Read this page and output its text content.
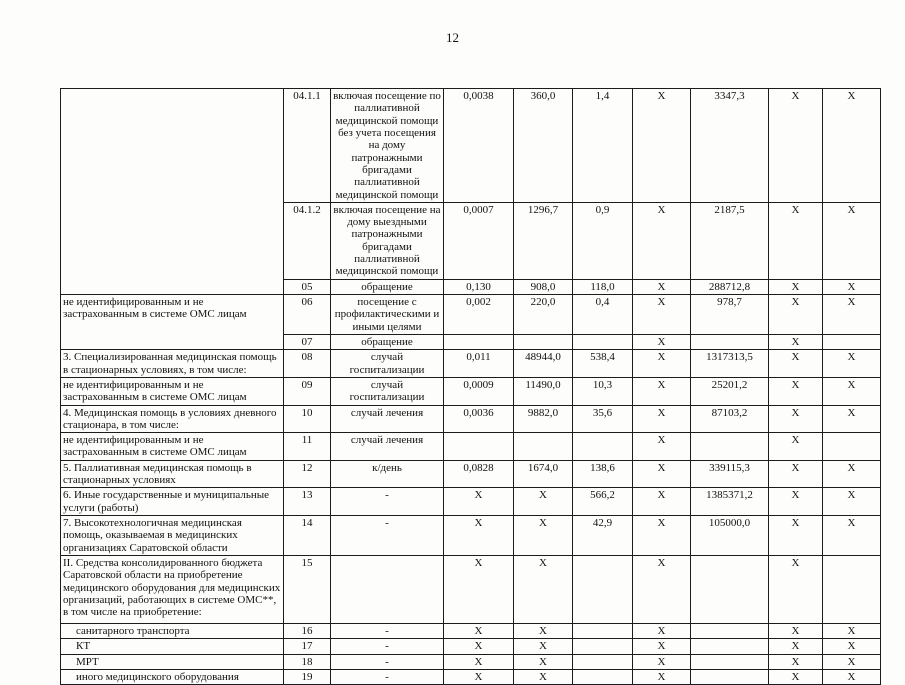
12
	04.1.1	включая посещение по паллиативной медицинской помощи без учета посещения на дому патронажными бригадами паллиативной медицинской помощи	0,0038	360,0	1,4	X	3347,3	X	X
	04.1.2	включая посещение на дому выездными патронажными бригадами паллиативной медицинской помощи	0,0007	1296,7	0,9	X	2187,5	X	X
	05	обращение	0,130	908,0	118,0	X	288712,8	X	X
не идентифицированным и не застрахованным в системе ОМС лицам	06	посещение с профилактическими и иными целями	0,002	220,0	0,4	X	978,7	X	X
	07	обращение				X		X	
3. Специализированная медицинская помощь в стационарных условиях, в том числе:	08	случай госпитализации	0,011	48944,0	538,4	X	1317313,5	X	X
не идентифицированным и не застрахованным в системе ОМС лицам	09	случай госпитализации	0,0009	11490,0	10,3	X	25201,2	X	X
4. Медицинская помощь в условиях дневного стационара, в том числе:	10	случай лечения	0,0036	9882,0	35,6	X	87103,2	X	X
не идентифицированным и не застрахованным в системе ОМС лицам	11	случай лечения				X		X	
5. Паллиативная медицинская помощь в стационарных условиях	12	к/день	0,0828	1674,0	138,6	X	339115,3	X	X
6. Иные государственные и муниципальные услуги (работы)	13	-	X	X	566,2	X	1385371,2	X	X
7. Высокотехнологичная медицинская помощь, оказываемая в медицинских организациях Саратовской области	14	-	X	X	42,9	X	105000,0	X	X
II. Средства консолидированного бюджета Саратовской области на приобретение медицинского оборудования для медицинских организаций, работающих в системе ОМС**, в том числе на приобретение:	15		X	X		X		X	
санитарного транспорта	16	-	X	X		X		X	X
КТ	17	-	X	X		X		X	X
МРТ	18	-	X	X		X		X	X
иного медицинского оборудования	19	-	X	X		X		X	X
